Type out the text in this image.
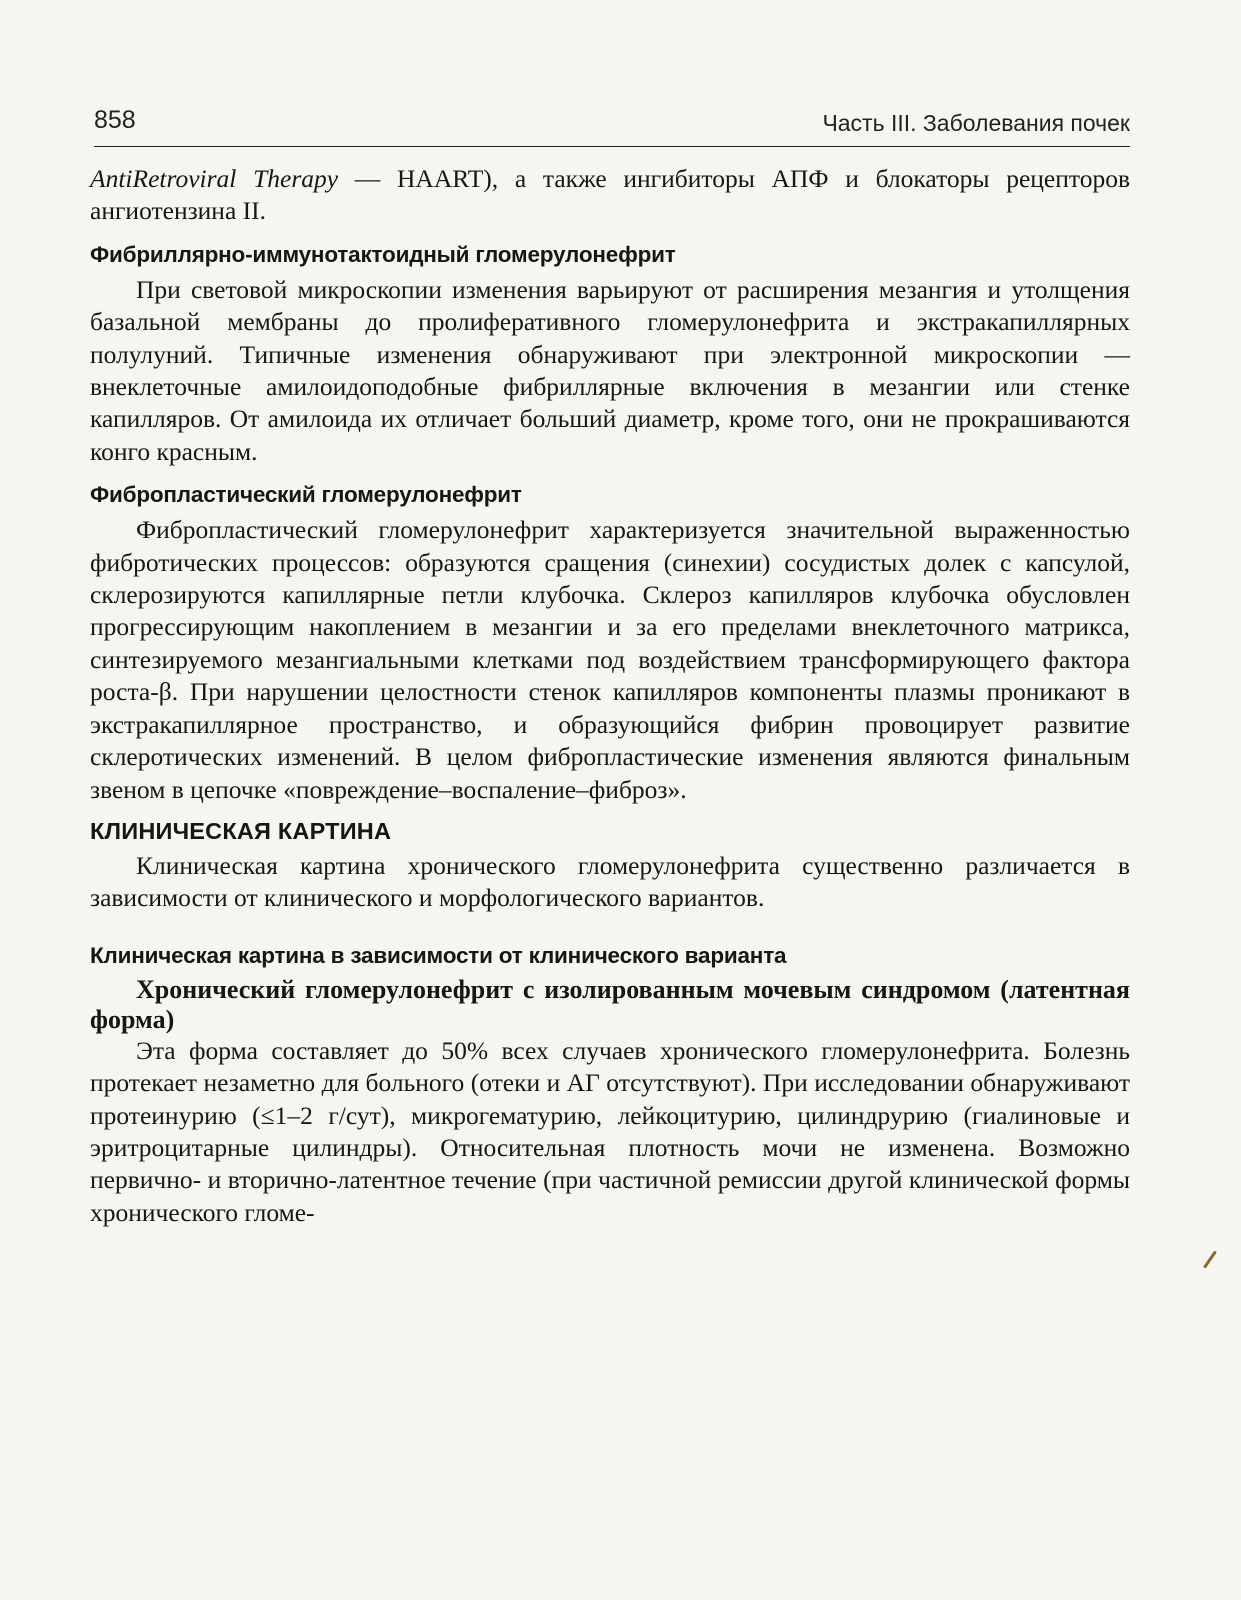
858	Часть III. Заболевания почек

AntiRetroviral Therapy — HAART), а также ингибиторы АПФ и блокаторы рецепторов ангиотензина II.

Фибриллярно-иммунотактоидный гломерулонефрит

При световой микроскопии изменения варьируют от расширения мезангия и утолщения базальной мембраны до пролиферативного гломерулонефрита и экстракапиллярных полулуний. Типичные изменения обнаруживают при электронной микроскопии — внеклеточные амилоидоподобные фибриллярные включения в мезангии или стенке капилляров. От амилоида их отличает больший диаметр, кроме того, они не прокрашиваются конго красным.

Фибропластический гломерулонефрит

Фибропластический гломерулонефрит характеризуется значительной выраженностью фибротических процессов: образуются сращения (синехии) сосудистых долек с капсулой, склерозируются капиллярные петли клубочка. Склероз капилляров клубочка обусловлен прогрессирующим накоплением в мезангии и за его пределами внеклеточного матрикса, синтезируемого мезангиальными клетками под воздействием трансформирующего фактора роста-β. При нарушении целостности стенок капилляров компоненты плазмы проникают в экстракапиллярное пространство, и образующийся фибрин провоцирует развитие склеротических изменений. В целом фибропластические изменения являются финальным звеном в цепочке «повреждение–воспаление–фиброз».

КЛИНИЧЕСКАЯ КАРТИНА

Клиническая картина хронического гломерулонефрита существенно различается в зависимости от клинического и морфологического вариантов.

Клиническая картина в зависимости от клинического варианта
Хронический гломерулонефрит с изолированным мочевым синдромом (латентная форма)

Эта форма составляет до 50% всех случаев хронического гломерулонефрита. Болезнь протекает незаметно для больного (отеки и АГ отсутствуют). При исследовании обнаруживают протеинурию (≤1–2 г/сут), микрогематурию, лейкоцитурию, цилиндрурию (гиалиновые и эритроцитарные цилиндры). Относительная плотность мочи не изменена. Возможно первично- и вторично-латентное течение (при частичной ремиссии другой клинической формы хронического гломе-
